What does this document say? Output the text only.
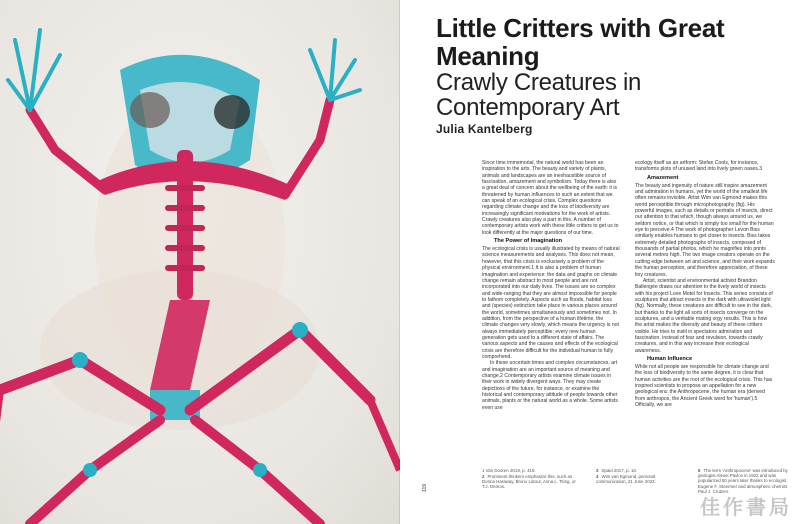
Little Critters with Great Meaning
Crawly Creatures in Contemporary Art
Julia Kantelberg

Since time immemorial, the natural world has been an inspiration to the arts. The beauty and variety of plants, animals and landscapes are an inexhaustible source of fascination, amazement and symbolism. Today there is also a great deal of concern about the wellbeing of the earth: it is threatened by human influences to such an extent that we can speak of an ecological crisis. Complex questions regarding climate change and the loss of biodiversity are increasingly significant motivations for the work of artists. Crawly creatures also play a part in this. A number of contemporary artists work with these little critters to get us to look differently at the major questions of our time.

The Power of Imagination

The ecological crisis is usually illustrated by means of natural science measurements and analyses. This does not mean, however, that this crisis is exclusively a problem of the physical environment.1 It is also a problem of human imagination and experience: the data and graphs on climate change remain abstract to most people and are not incorporated into our daily lives. The issues are so complex and wide-ranging that they are almost impossible for people to fathom completely. Aspects such as floods, habitat loss and (species) extinction take place in various places around the world, sometimes simultaneously and sometimes not. In addition, from the perspective of a human lifetime, the climate changes very slowly, which means the urgency is not always immediately perceptible; every new human generation gets used to a different state of affairs. The various aspects and the causes and effects of the ecological crisis are therefore difficult for the individual human to fully comprehend.

In these uncertain times and complex circumstances, art and imagination are an important source of meaning and change.2 Contemporary artists examine climate issues in their work in widely divergent ways. They may create depictions of the future, for instance, or examine the historical and contemporary attitude of people towards other animals, plants or the natural world as a whole. Some artists even use

ecology itself as an artform: Stefan Cools, for instance, transforms plots of unused land into lively green oases.3

Amazement

The beauty and ingenuity of nature still inspire amazement and admiration in humans, yet the world of the smallest life often remains invisible. Artist Wim van Egmond makes this world perceptible through microphotography (fig). His powerful images, such as details or portraits of insects, direct our attention to that which, though always around us, we seldom notice, or that which is simply too small for the human eye to perceive.4 The work of photographer Levon Biss similarly enables humans to get closer to insects. Biss takes extremely detailed photographs of insects, composed of thousands of partial photos, which he magnifies into prints several metres high. The two image creators operate on the cutting edge between art and science, and their work expands the human perception, and therefore appreciation, of these tiny creatures.

Artist, scientist and environmental activist Brandon Ballengée draws our attention to the lively world of insects with his project Love Motel for Insects. This series consists of sculptures that attract insects in the dark with ultraviolet light (fig). Normally, these creatures are difficult to see in the dark, but thanks to the light all sorts of insects converge on the sculptures, and a veritable mating orgy results. This is how the artist makes the diversity and beauty of these critters visible. He tries to instil in spectators admiration and fascination, instead of fear and revulsion, towards crawly creatures, and in this way increase their ecological awareness.

Human Influence

While not all people are responsible for climate change and the loss of biodiversity to the same degree, it is clear that human activities are the root of the ecological crisis. This has inspired scientists to propose an appellation for a new geological era: the Anthropocene, the human era (derived from anthropos, the Ancient Greek word for 'human').5 Officially, we are

1 Van Dooren 2019, p. 419.
2 Prominent thinkers emphasize this, such as Donna Haraway, Bruno Latour, Anna L. Tsing, or T.J. Demos.
3 Spaid 2017, p. 16.
4 Wim van Egmond, personal communication, 21 June 2022.
5 The term 'Anthropocene' was introduced by geologist Alexei Pavlov in 1922 and was popularized 50 years later thanks to ecologist Eugene F. Stoermer and atmospheric chemist Paul J. Crutzen.
119
佳作書局
